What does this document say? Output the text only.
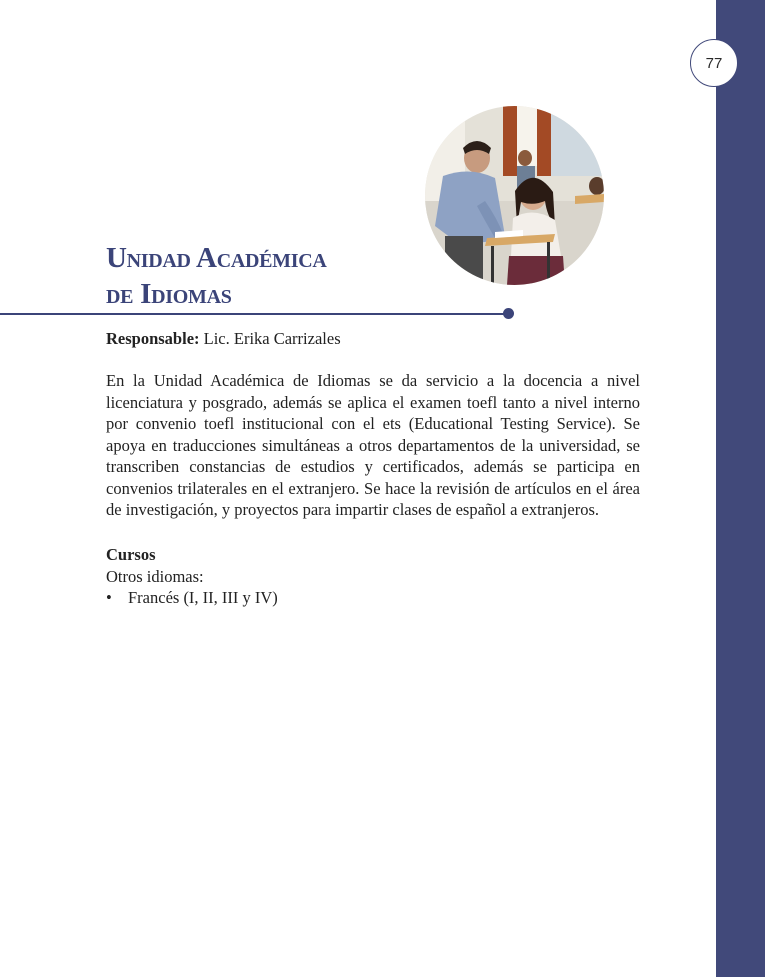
77
Unidad Académica
de Idiomas
Responsable: Lic. Erika Carrizales
En la Unidad Académica de Idiomas se da servicio a la docencia a nivel licenciatura y posgrado, además se aplica el examen toefl tanto a nivel interno por convenio toefl institucional con el ets (Educational Testing Service). Se apoya en traducciones simultáneas a otros departamentos de la universidad, se transcriben constancias de estudios y certificados, además se participa en convenios trilaterales en el extranjero. Se hace la revisión de artículos en el área de investigación, y proyectos para impartir clases de español a extranjeros.
Cursos
Otros idiomas:
• Francés (I, II, III y IV)
